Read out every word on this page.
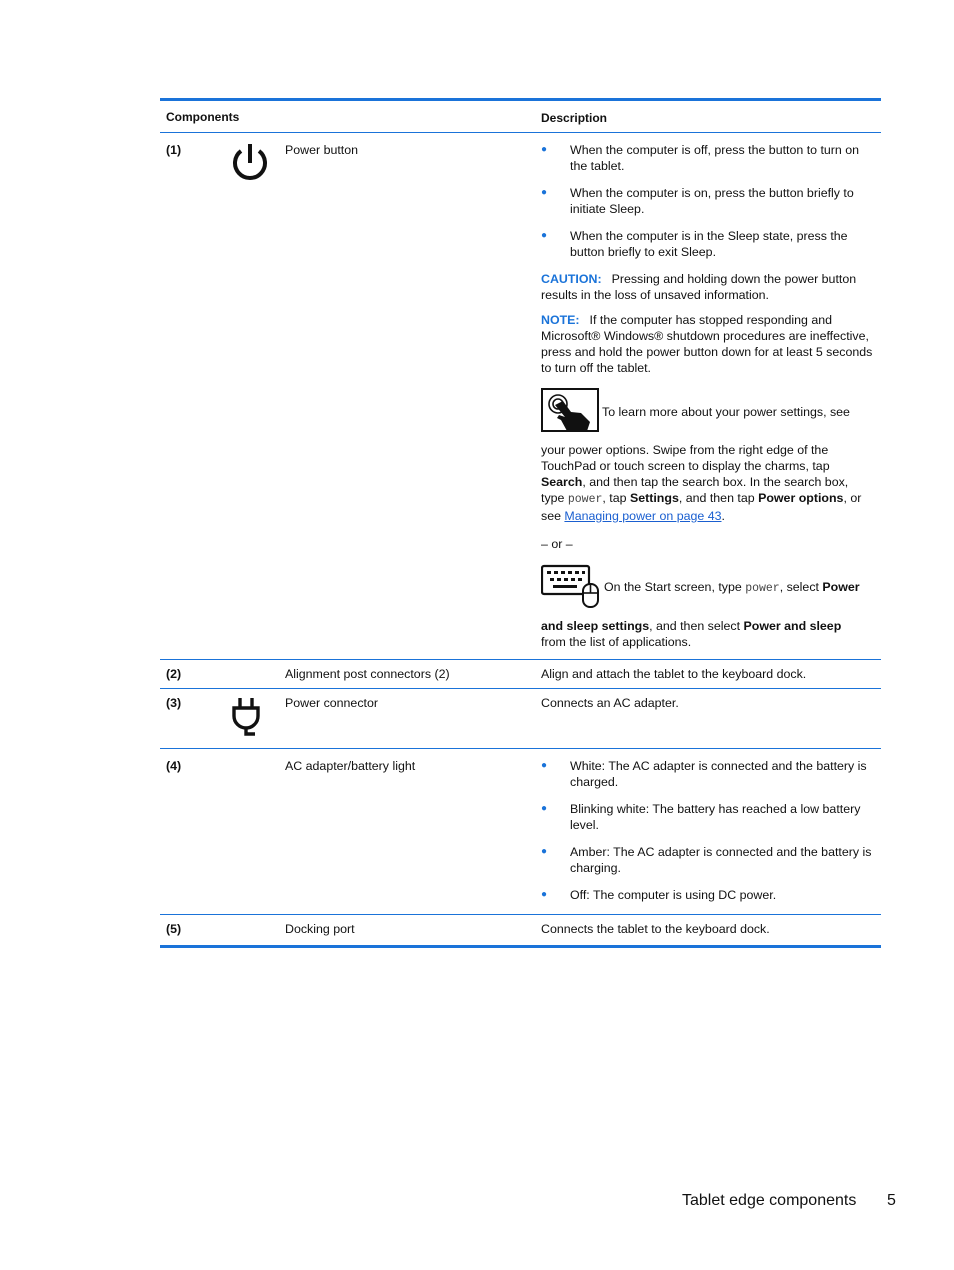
Components	Description
(1)	Power button	● When the computer is off, press the button to turn on the tablet.
● When the computer is on, press the button briefly to initiate Sleep.
● When the computer is in the Sleep state, press the button briefly to exit Sleep.

CAUTION: Pressing and holding down the power button results in the loss of unsaved information.

NOTE: If the computer has stopped responding and Microsoft® Windows® shutdown procedures are ineffective, press and hold the power button down for at least 5 seconds to turn off the tablet.

To learn more about your power settings, see

your power options. Swipe from the right edge of the TouchPad or touch screen to display the charms, tap Search, and then tap the search box. In the search box, type power, tap Settings, and then tap Power options, or see Managing power on page 43.

– or –

On the Start screen, type power, select Power

and sleep settings, and then select Power and sleep
from the list of applications.

(2)	Alignment post connectors (2)	Align and attach the tablet to the keyboard dock.
(3)	Power connector	Connects an AC adapter.
(4)	AC adapter/battery light	● White: The AC adapter is connected and the battery is charged.
● Blinking white: The battery has reached a low battery level.
● Amber: The AC adapter is connected and the battery is charging.
● Off: The computer is using DC power.
(5)	Docking port	Connects the tablet to the keyboard dock.
Tablet edge components 5
